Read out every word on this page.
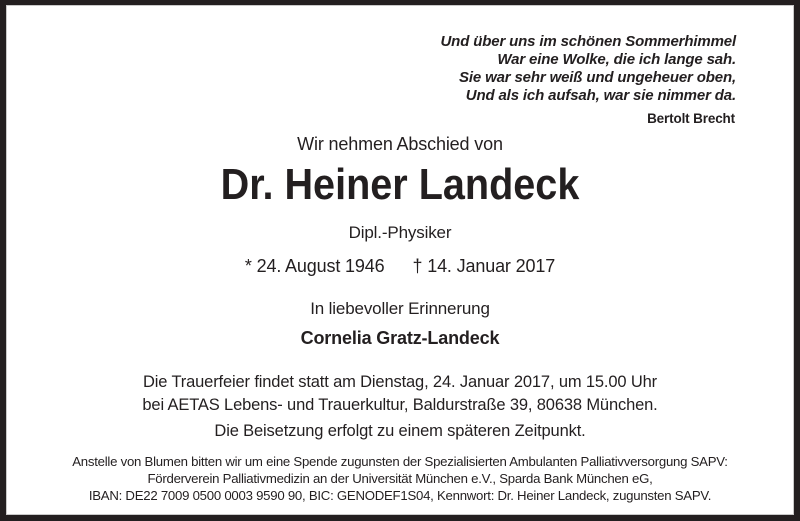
Und über uns im schönen Sommerhimmel
War eine Wolke, die ich lange sah.
Sie war sehr weiß und ungeheuer oben,
Und als ich aufsah, war sie nimmer da.
Bertolt Brecht
Wir nehmen Abschied von
Dr. Heiner Landeck
Dipl.-Physiker
* 24. August 1946 † 14. Januar 2017
In liebevoller Erinnerung
Cornelia Gratz-Landeck
Die Trauerfeier findet statt am Dienstag, 24. Januar 2017, um 15.00 Uhr
bei AETAS Lebens- und Trauerkultur, Baldurstraße 39, 80638 München.
Die Beisetzung erfolgt zu einem späteren Zeitpunkt.
Anstelle von Blumen bitten wir um eine Spende zugunsten der Spezialisierten Ambulanten Palliativversorgung SAPV:
Förderverein Palliativmedizin an der Universität München e.V., Sparda Bank München eG,
IBAN: DE22 7009 0500 0003 9590 90, BIC: GENODEF1S04, Kennwort: Dr. Heiner Landeck, zugunsten SAPV.
